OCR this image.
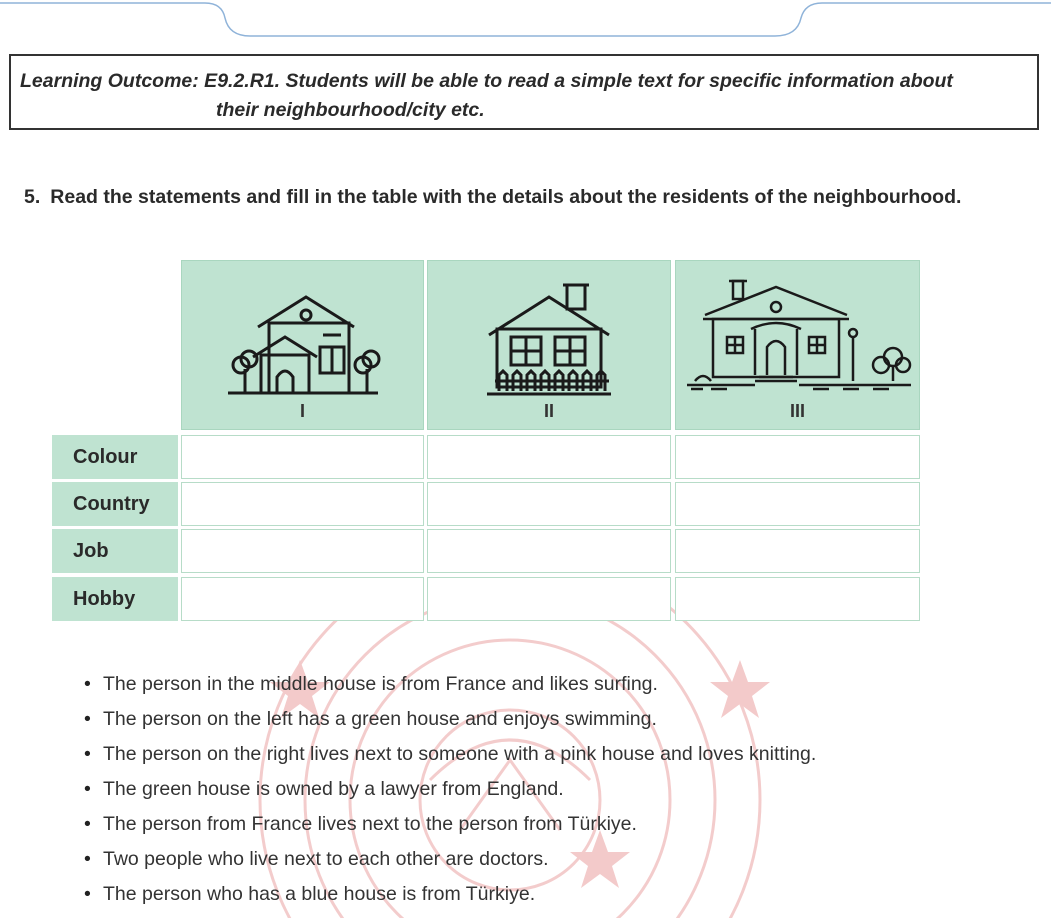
Learning Outcome: E9.2.R1. Students will be able to read a simple text for specific information about
their neighbourhood/city etc.
5. Read the statements and fill in the table with the details about the residents of the neighbourhood.
I	II	III
Colour
Country
Job
Hobby
• The person in the middle house is from France and likes surfing.
• The person on the left has a green house and enjoys swimming.
• The person on the right lives next to someone with a pink house and loves knitting.
• The green house is owned by a lawyer from England.
• The person from France lives next to the person from Türkiye.
• Two people who live next to each other are doctors.
• The person who has a blue house is from Türkiye.
